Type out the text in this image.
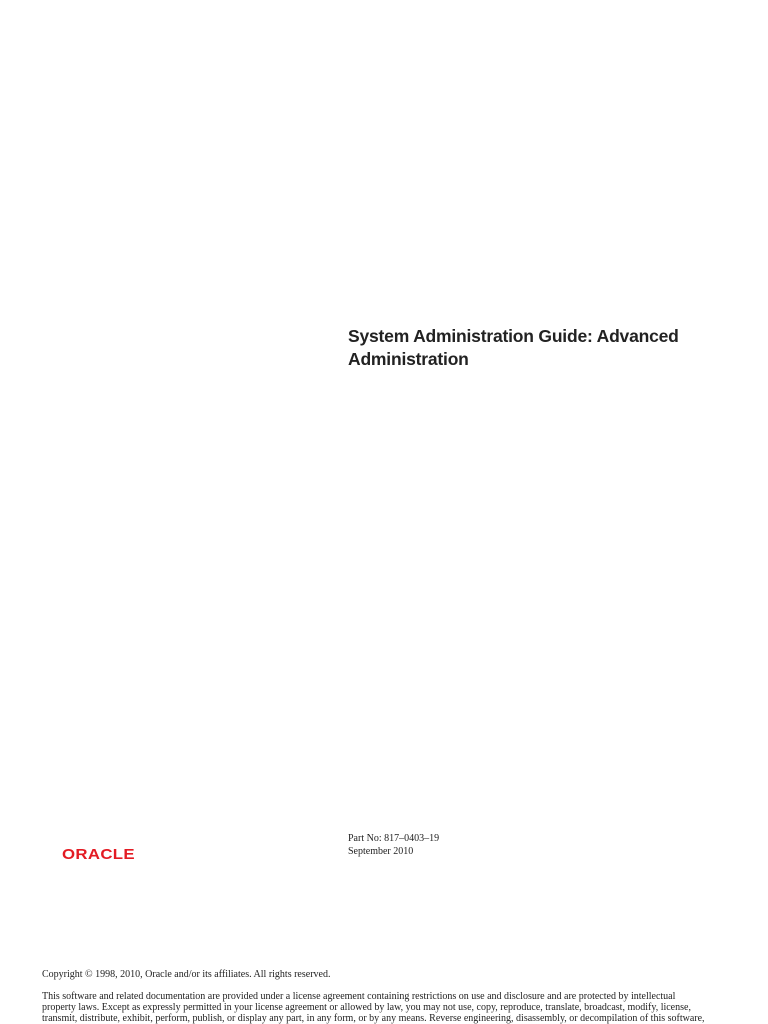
System Administration Guide: Advanced
Administration
ORACLE
Part No: 817–0403–19
September 2010

Copyright © 1998, 2010, Oracle and/or its affiliates. All rights reserved.

This software and related documentation are provided under a license agreement containing restrictions on use and disclosure and are protected by intellectual
property laws. Except as expressly permitted in your license agreement or allowed by law, you may not use, copy, reproduce, translate, broadcast, modify, license,
transmit, distribute, exhibit, perform, publish, or display any part, in any form, or by any means. Reverse engineering, disassembly, or decompilation of this software,
